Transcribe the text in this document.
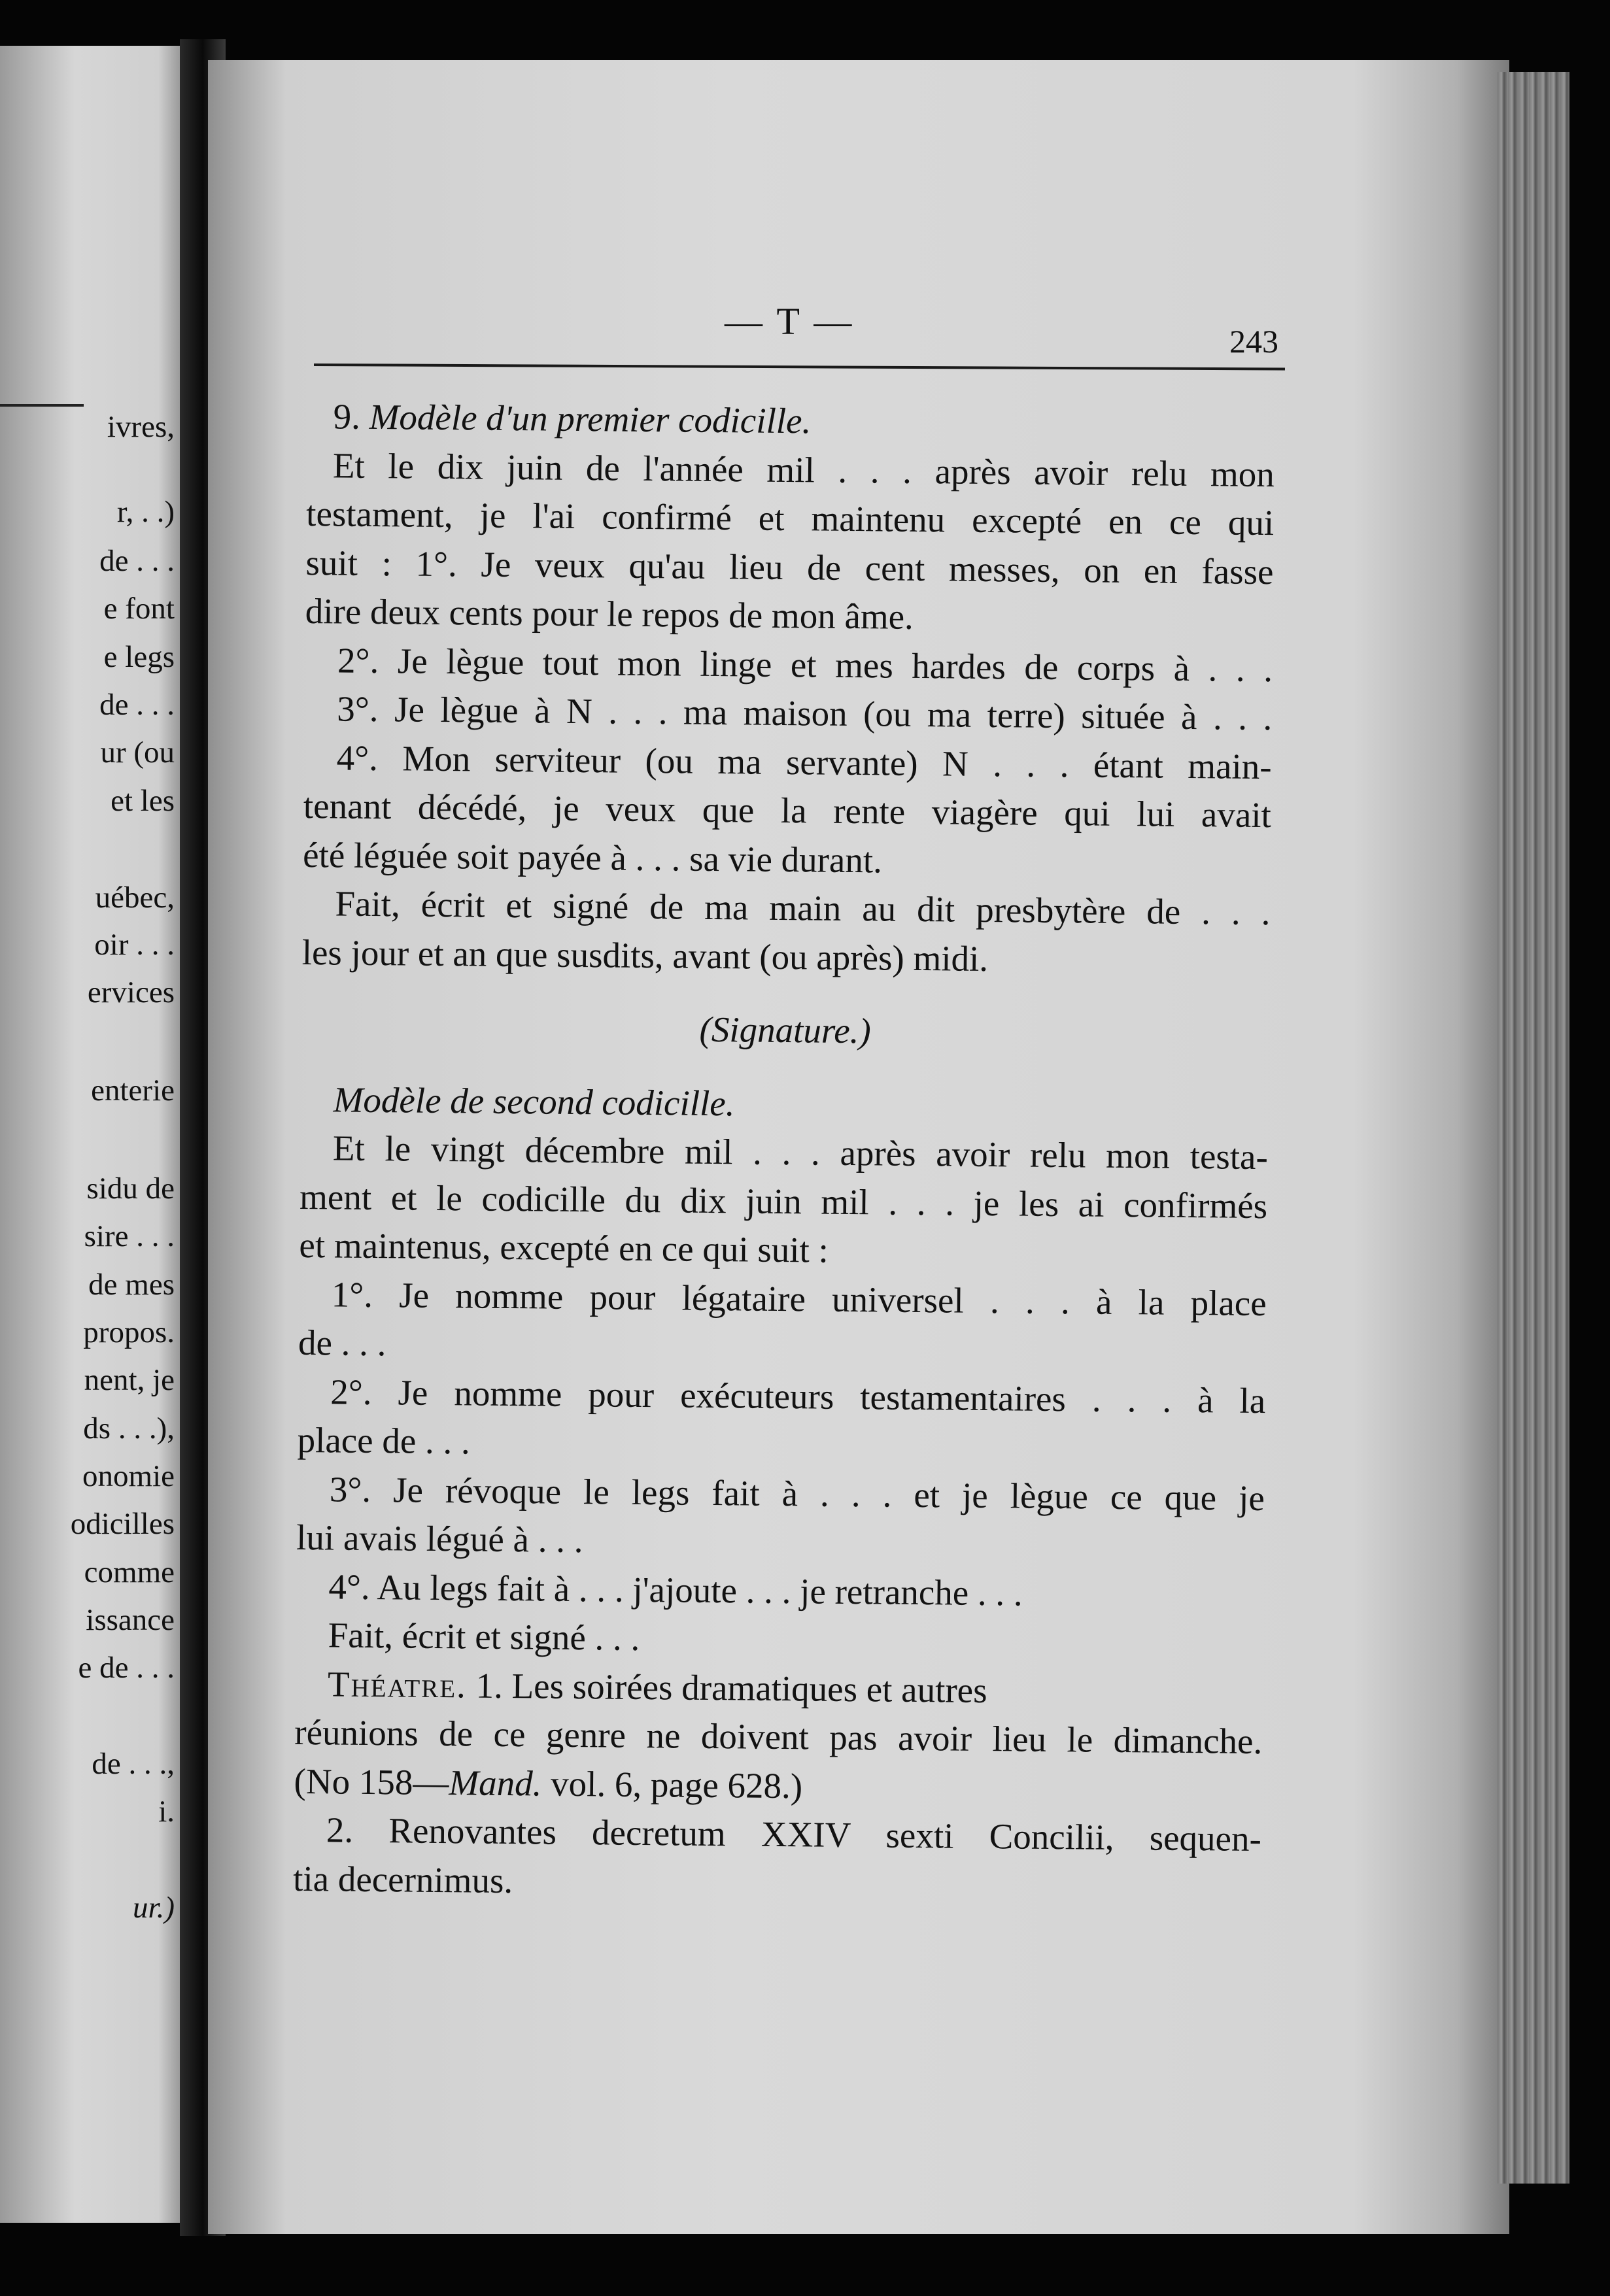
ivres,
r, . .)
de . . .
e font
e legs
de . . .
ur (ou
et les
uébec,
oir . . .
ervices
enterie
sidu de
sire . . .
de mes
propos.
nent, je
ds . . .),
onomie
odicilles
comme
issance
e de . . .
de . . .,
i.
ur.)
— T —	243
9. Modèle d'un premier codicille.
Et le dix juin de l'année mil . . . après avoir relu mon
testament, je l'ai confirmé et maintenu excepté en ce qui
suit : 1°. Je veux qu'au lieu de cent messes, on en fasse
dire deux cents pour le repos de mon âme.
2°. Je lègue tout mon linge et mes hardes de corps à . . .
3°. Je lègue à N . . . ma maison (ou ma terre) située à . . .
4°. Mon serviteur (ou ma servante) N . . . étant main-
tenant décédé, je veux que la rente viagère qui lui avait
été léguée soit payée à . . . sa vie durant.
Fait, écrit et signé de ma main au dit presbytère de . . .
les jour et an que susdits, avant (ou après) midi.
(Signature.)
Modèle de second codicille.
Et le vingt décembre mil . . . après avoir relu mon testa-
ment et le codicille du dix juin mil . . . je les ai confirmés
et maintenus, excepté en ce qui suit :
1°. Je nomme pour légataire universel . . . à la place
de . . .
2°. Je nomme pour exécuteurs testamentaires . . . à la
place de . . .
3°. Je révoque le legs fait à . . . et je lègue ce que je
lui avais légué à . . .
4°. Au legs fait à . . . j'ajoute . . . je retranche . . .
Fait, écrit et signé . . .
Théatre. 1. Les soirées dramatiques et autres
réunions de ce genre ne doivent pas avoir lieu le dimanche.
(No 158—Mand. vol. 6, page 628.)
2. Renovantes decretum XXIV sexti Concilii, sequen-
tia decernimus.
